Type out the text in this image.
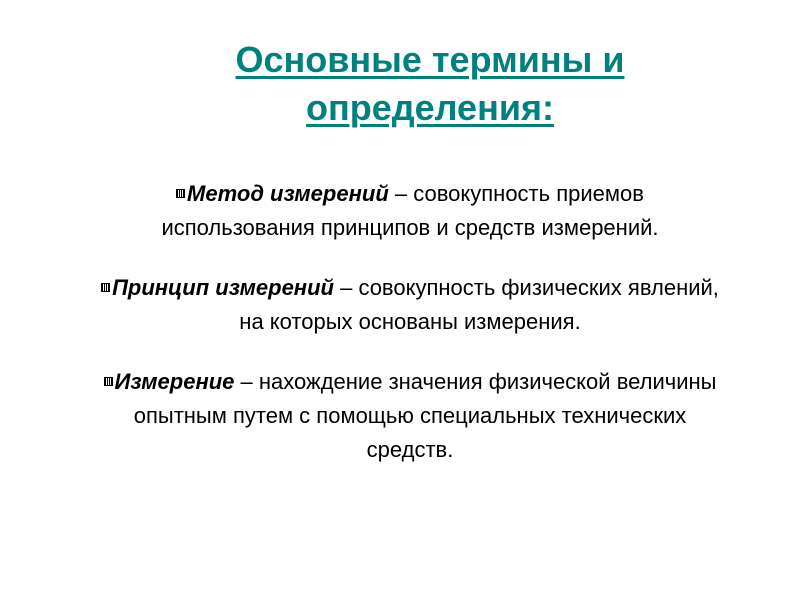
Основные термины и определения:
Метод измерений – совокупность приемов использования принципов и средств измерений.
Принцип измерений – совокупность физических явлений, на которых основаны измерения.
Измерение – нахождение значения физической величины опытным путем с помощью специальных технических средств.
